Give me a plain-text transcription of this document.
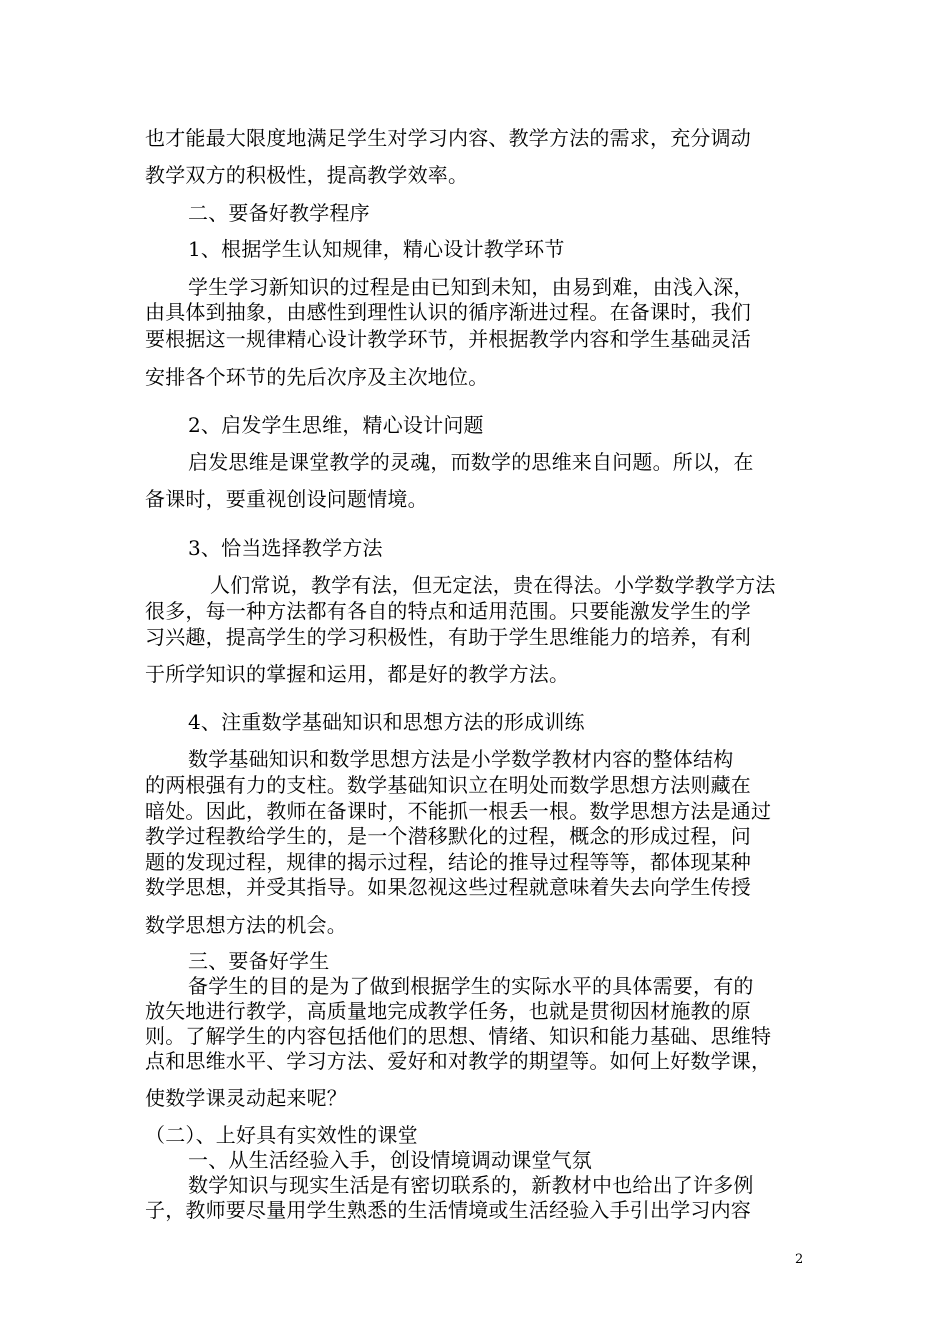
也才能最大限度地满足学生对学习内容、教学方法的需求，充分调动
教学双方的积极性，提高教学效率。
二、要备好教学程序
1、根据学生认知规律，精心设计教学环节
学生学习新知识的过程是由已知到未知，由易到难，由浅入深，
由具体到抽象，由感性到理性认识的循序渐进过程。在备课时，我们
要根据这一规律精心设计教学环节，并根据教学内容和学生基础灵活
安排各个环节的先后次序及主次地位。
2、启发学生思维，精心设计问题
启发思维是课堂教学的灵魂，而数学的思维来自问题。所以，在
备课时，要重视创设问题情境。
3、恰当选择教学方法
人们常说，教学有法，但无定法，贵在得法。小学数学教学方法
很多，每一种方法都有各自的特点和适用范围。只要能激发学生的学
习兴趣，提高学生的学习积极性，有助于学生思维能力的培养，有利
于所学知识的掌握和运用，都是好的教学方法。
4、注重数学基础知识和思想方法的形成训练
数学基础知识和数学思想方法是小学数学教材内容的整体结构
的两根强有力的支柱。数学基础知识立在明处而数学思想方法则藏在
暗处。因此，教师在备课时，不能抓一根丢一根。数学思想方法是通过
教学过程教给学生的，是一个潜移默化的过程，概念的形成过程，问
题的发现过程，规律的揭示过程，结论的推导过程等等，都体现某种
数学思想，并受其指导。如果忽视这些过程就意味着失去向学生传授
数学思想方法的机会。
三、要备好学生
备学生的目的是为了做到根据学生的实际水平的具体需要，有的
放矢地进行教学，高质量地完成教学任务，也就是贯彻因材施教的原
则。了解学生的内容包括他们的思想、情绪、知识和能力基础、思维特
点和思维水平、学习方法、爱好和对教学的期望等。如何上好数学课，
使数学课灵动起来呢？
（二）、上好具有实效性的课堂
一、从生活经验入手，创设情境调动课堂气氛
数学知识与现实生活是有密切联系的，新教材中也给出了许多例
子，教师要尽量用学生熟悉的生活情境或生活经验入手引出学习内容
2
